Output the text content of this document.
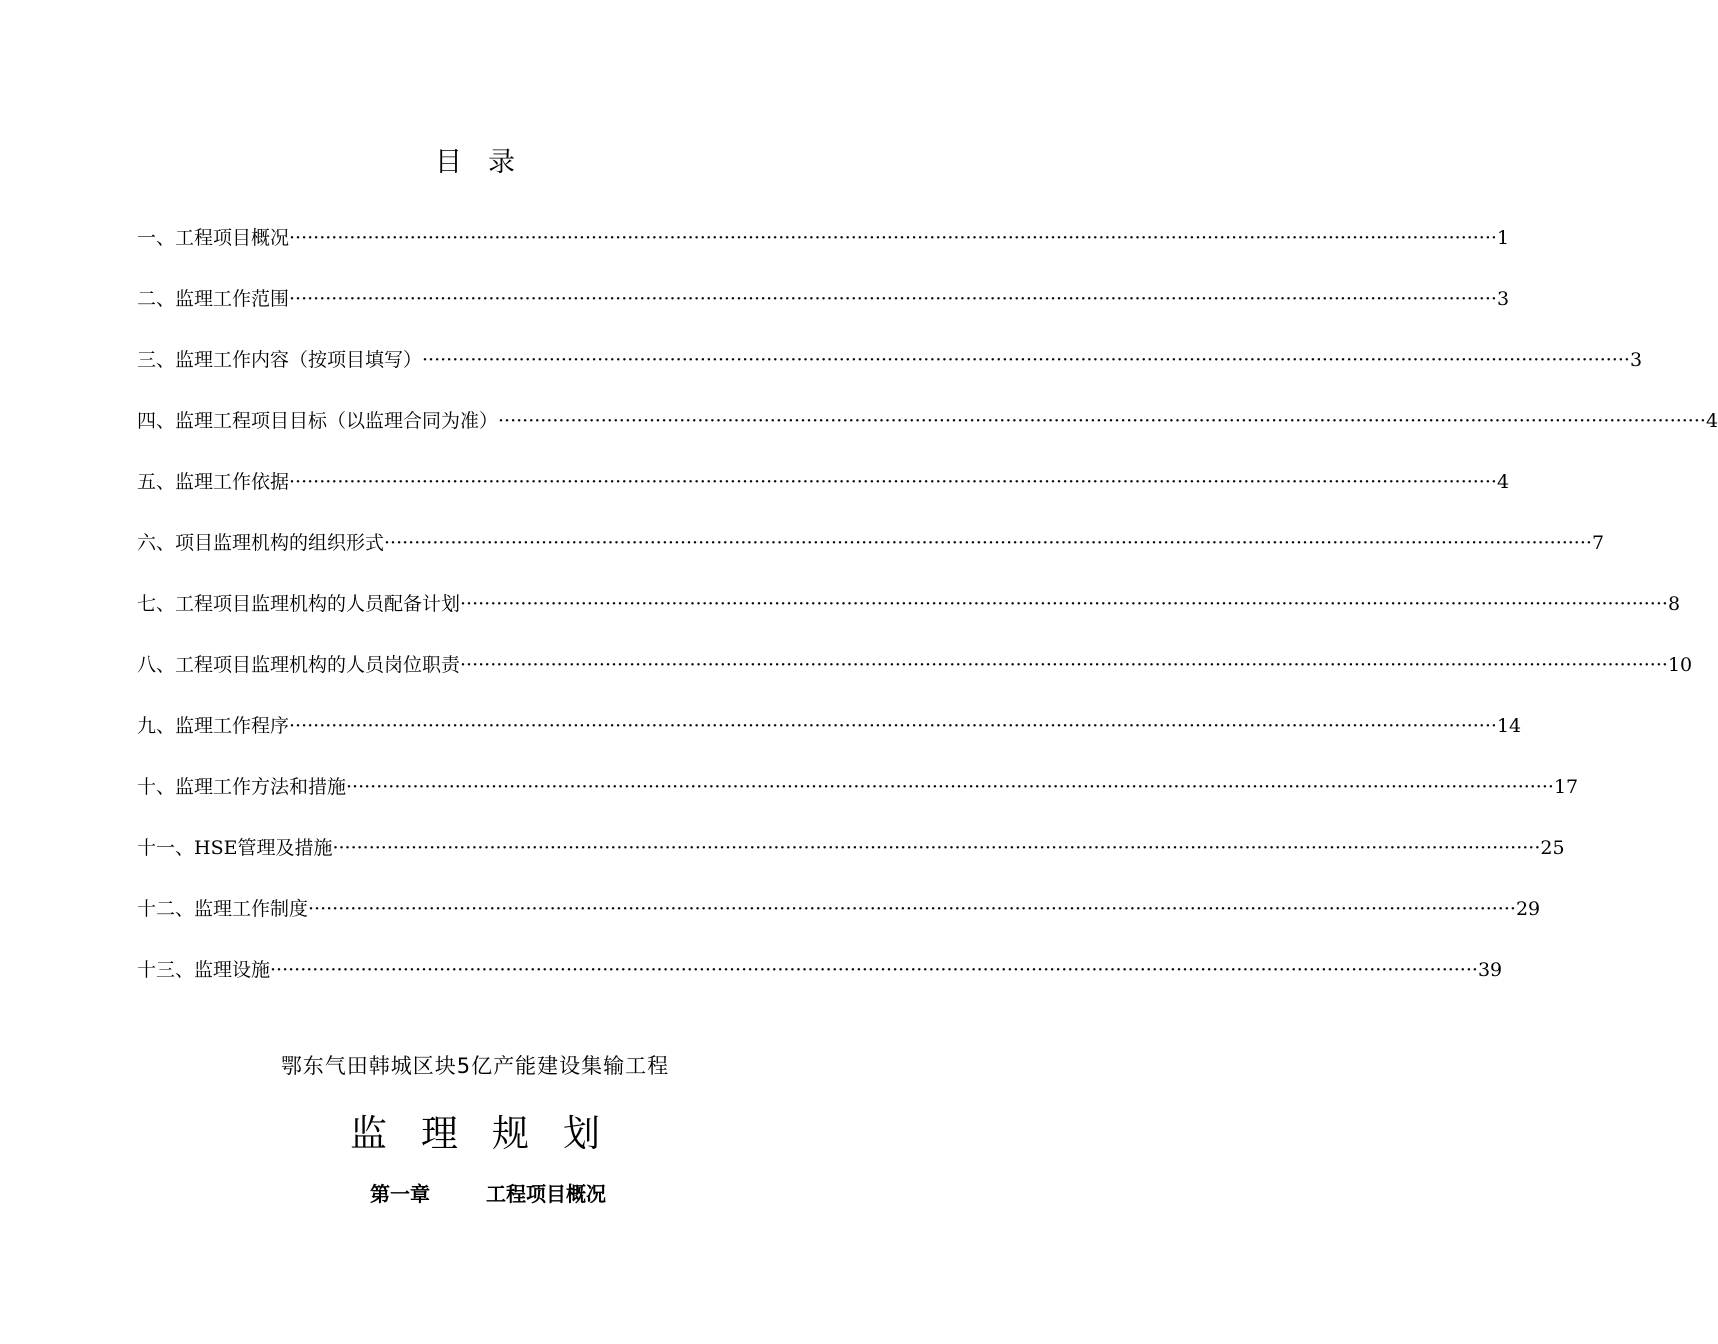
目录
一、工程项目概况 ········································································································································································································ 1
二、监理工作范围 ········································································································································································································ 3
三、监理工作内容（按项目填写） ········································································································································································································ 3
四、监理工程项目目标（以监理合同为准） ········································································································································································································ 4
五、监理工作依据 ········································································································································································································ 4
六、项目监理机构的组织形式 ········································································································································································································ 7
七、工程项目监理机构的人员配备计划 ········································································································································································································ 8
八、工程项目监理机构的人员岗位职责 ········································································································································································································ 10
九、监理工作程序 ········································································································································································································ 14
十、监理工作方法和措施 ········································································································································································································ 17
十一、HSE管理及措施 ········································································································································································································ 25
十二、监理工作制度 ········································································································································································································ 29
十三、监理设施 ········································································································································································································ 39
鄂东气田韩城区块5亿产能建设集输工程
监理规划
第一章	工程项目概况
